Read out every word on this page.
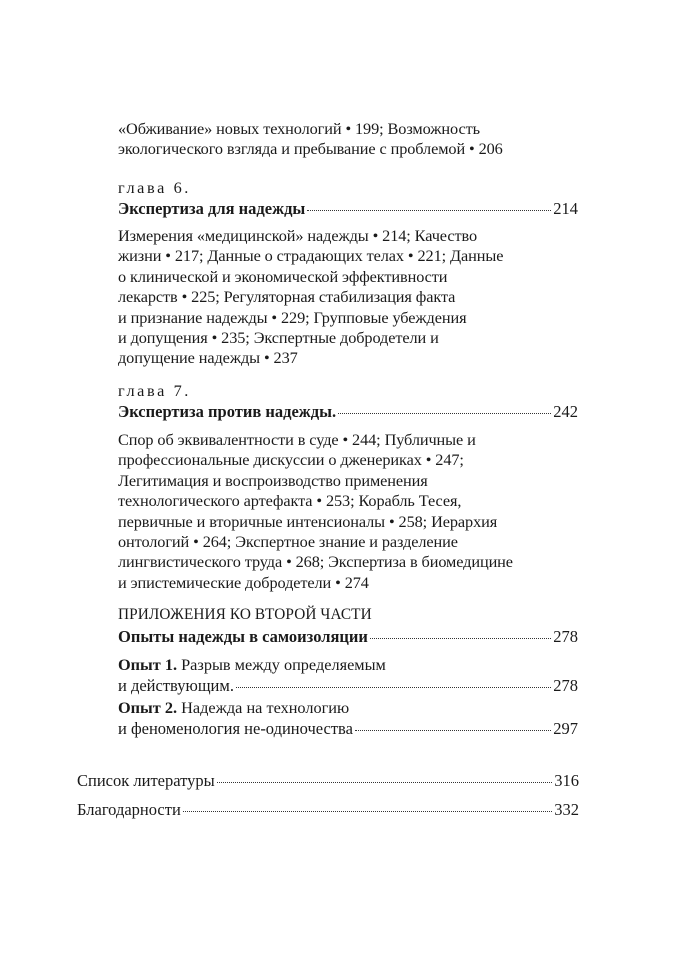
«Обживание» новых технологий • 199; Возможность
экологического взгляда и пребывание с проблемой • 206
глава 6.
Экспертиза для надежды	214
Измерения «медицинской» надежды • 214; Качество
жизни • 217; Данные о страдающих телах • 221; Данные
о клинической и экономической эффективности
лекарств • 225; Регуляторная стабилизация факта
и признание надежды • 229; Групповые убеждения
и допущения • 235; Экспертные добродетели и
допущение надежды • 237
глава 7.
Экспертиза против надежды.	242
Спор об эквивалентности в суде • 244; Публичные и
профессиональные дискуссии о дженериках • 247;
Легитимация и воспроизводство применения
технологического артефакта • 253; Корабль Тесея,
первичные и вторичные интенсионалы • 258; Иерархия
онтологий • 264; Экспертное знание и разделение
лингвистического труда • 268; Экспертиза в биомедицине
и эпистемические добродетели • 274
ПРИЛОЖЕНИЯ КО ВТОРОЙ ЧАСТИ
Опыты надежды в самоизоляции	278
Опыт 1. Разрыв между определяемым
и действующим.	278
Опыт 2. Надежда на технологию
и феноменология не-одиночества	297
Список литературы	316
Благодарности	332
